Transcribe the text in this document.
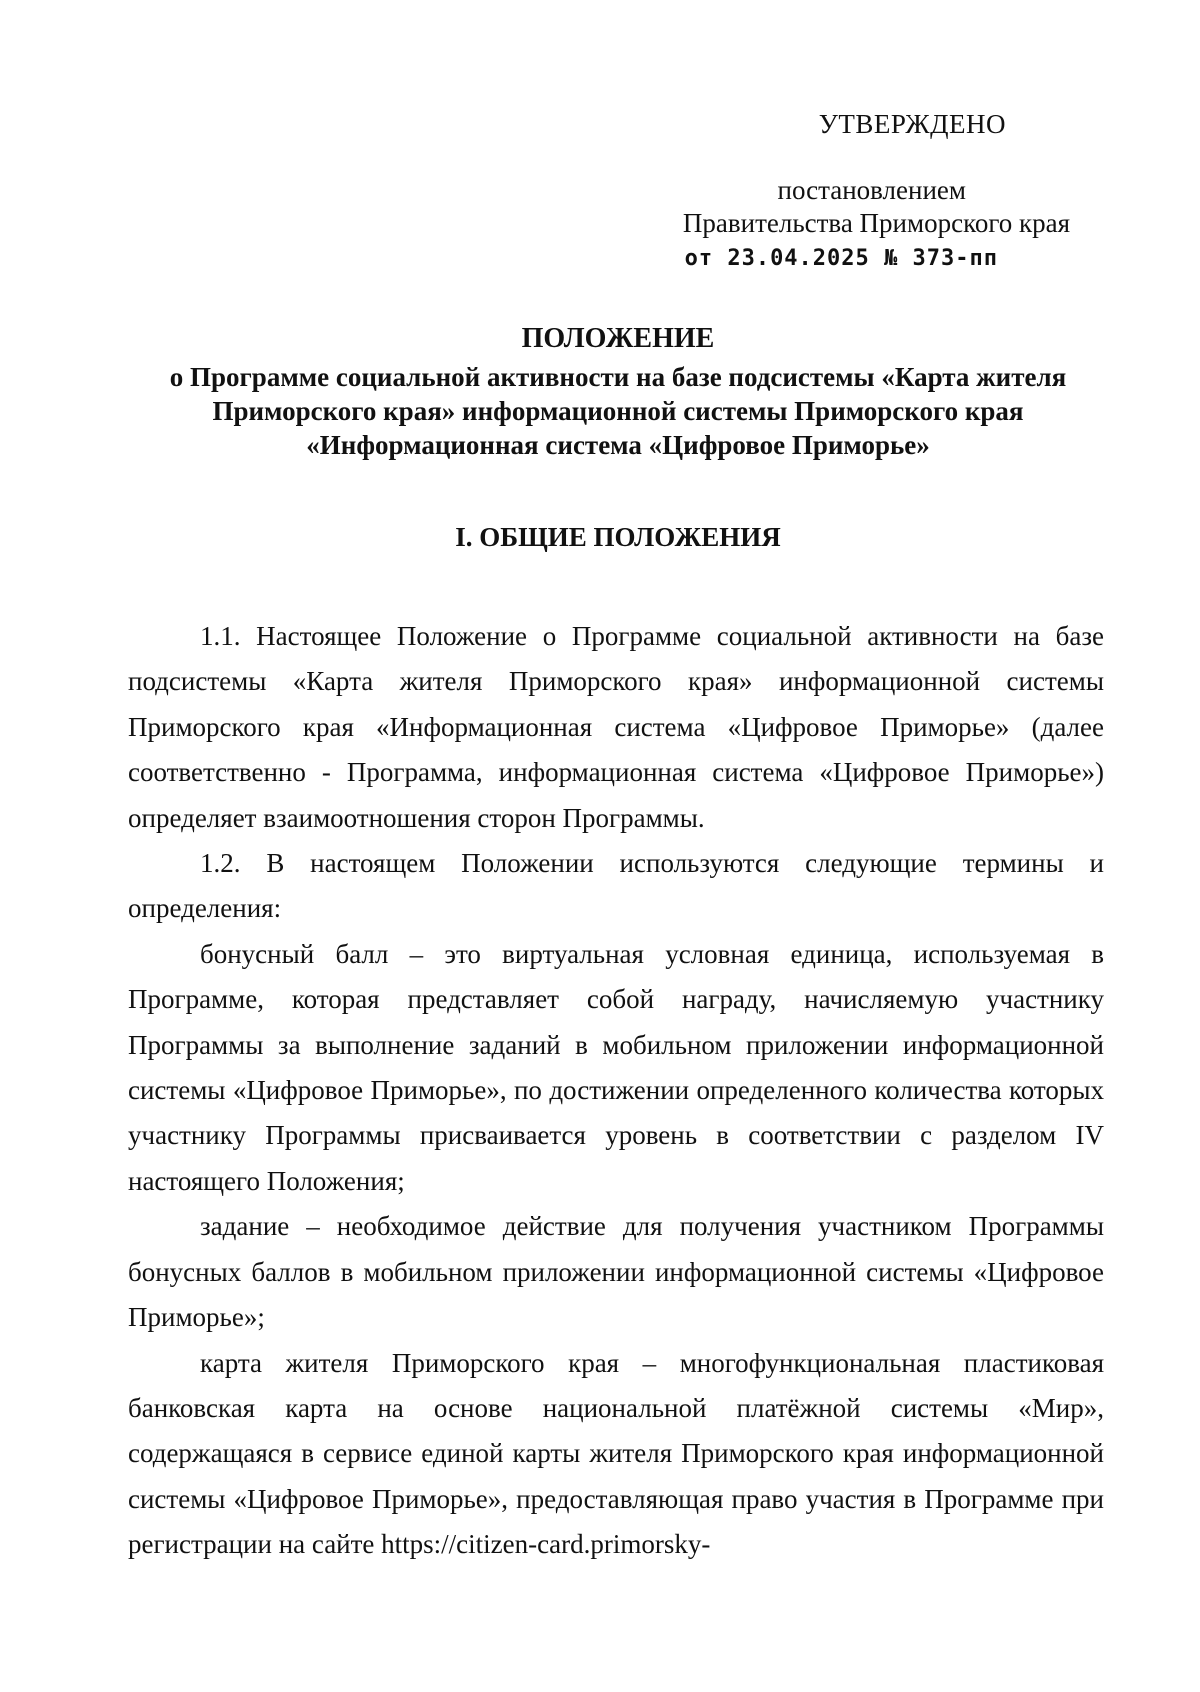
УТВЕРЖДЕНО
постановлением
Правительства Приморского края
от 23.04.2025 № 373-пп
ПОЛОЖЕНИЕ
о Программе социальной активности на базе подсистемы «Карта жителя
Приморского края» информационной системы Приморского края
«Информационная система «Цифровое Приморье»
I. ОБЩИЕ ПОЛОЖЕНИЯ

1.1. Настоящее Положение о Программе социальной активности на базе подсистемы «Карта жителя Приморского края» информационной системы Приморского края «Информационная система «Цифровое Приморье» (далее соответственно - Программа, информационная система «Цифровое Приморье») определяет взаимоотношения сторон Программы.

1.2. В настоящем Положении используются следующие термины и определения:

бонусный балл – это виртуальная условная единица, используемая в Программе, которая представляет собой награду, начисляемую участнику Программы за выполнение заданий в мобильном приложении информационной системы «Цифровое Приморье», по достижении определенного количества которых участнику Программы присваивается уровень в соответствии с разделом IV настоящего Положения;

задание – необходимое действие для получения участником Программы бонусных баллов в мобильном приложении информационной системы «Цифровое Приморье»;

карта жителя Приморского края – многофункциональная пластиковая банковская карта на основе национальной платёжной системы «Мир», содержащаяся в сервисе единой карты жителя Приморского края информационной системы «Цифровое Приморье», предоставляющая право участия в Программе при регистрации на сайте https://citizen-card.primorsky-
